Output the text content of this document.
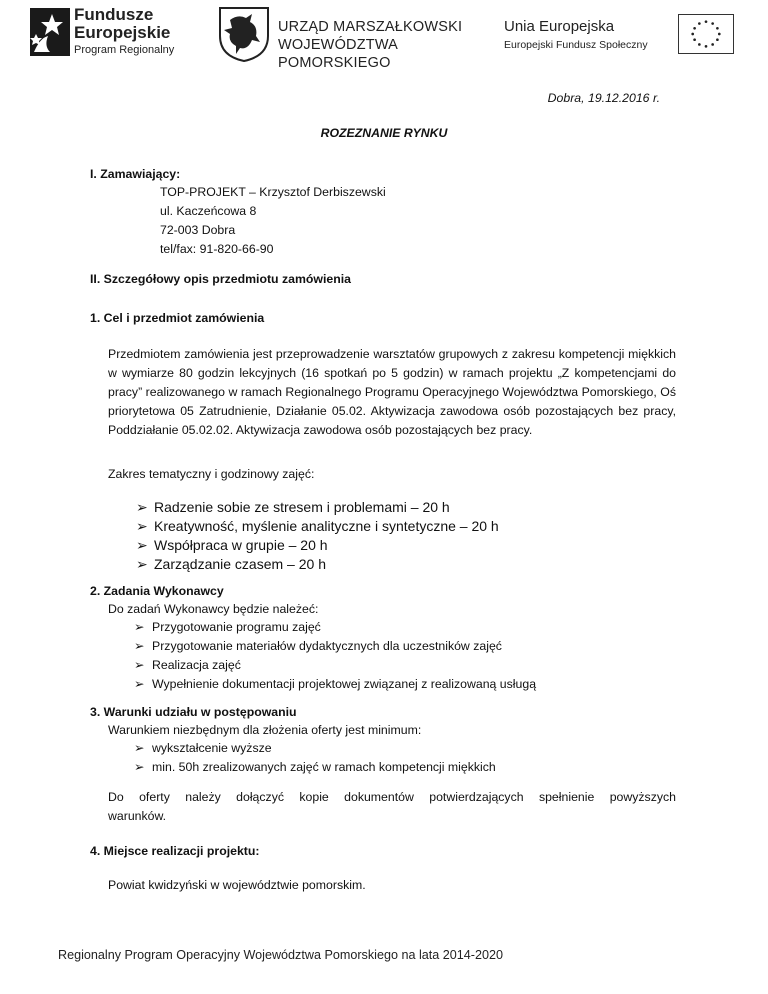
Fundusze
Europejskie
Program Regionalny
URZĄD MARSZAŁKOWSKI
WOJEWÓDZTWA POMORSKIEGO
Unia Europejska
Europejski Fundusz Społeczny
Dobra, 19.12.2016 r.
ROZEZNANIE RYNKU
I. Zamawiający:
TOP-PROJEKT – Krzysztof Derbiszewski
ul. Kaczeńcowa 8
72-003 Dobra
tel/fax: 91-820-66-90
II. Szczegółowy opis przedmiotu zamówienia
1. Cel i przedmiot zamówienia
Przedmiotem zamówienia jest przeprowadzenie warsztatów grupowych z zakresu kompetencji miękkich w wymiarze 80 godzin lekcyjnych (16 spotkań po 5 godzin) w ramach projektu „Z kompetencjami do pracy” realizowanego w ramach Regionalnego Programu Operacyjnego Województwa Pomorskiego, Oś priorytetowa 05 Zatrudnienie, Działanie 05.02. Aktywizacja zawodowa osób pozostających bez pracy, Poddziałanie 05.02.02. Aktywizacja zawodowa osób pozostających bez pracy.
Zakres tematyczny i godzinowy zajęć:
➢ Radzenie sobie ze stresem i problemami – 20 h
➢ Kreatywność, myślenie analityczne i syntetyczne – 20 h
➢ Współpraca w grupie – 20 h
➢ Zarządzanie czasem – 20 h
2. Zadania Wykonawcy
Do zadań Wykonawcy będzie należeć:
➢ Przygotowanie programu zajęć
➢ Przygotowanie materiałów dydaktycznych dla uczestników zajęć
➢ Realizacja zajęć
➢ Wypełnienie dokumentacji projektowej związanej z realizowaną usługą
3. Warunki udziału w postępowaniu
Warunkiem niezbędnym dla złożenia oferty jest minimum:
➢ wykształcenie wyższe
➢ min. 50h zrealizowanych zajęć w ramach kompetencji miękkich
Do oferty należy dołączyć kopie dokumentów potwierdzających spełnienie powyższych warunków.
4. Miejsce realizacji projektu:
Powiat kwidzyński w województwie pomorskim.
Regionalny Program Operacyjny Województwa Pomorskiego na lata 2014-2020
